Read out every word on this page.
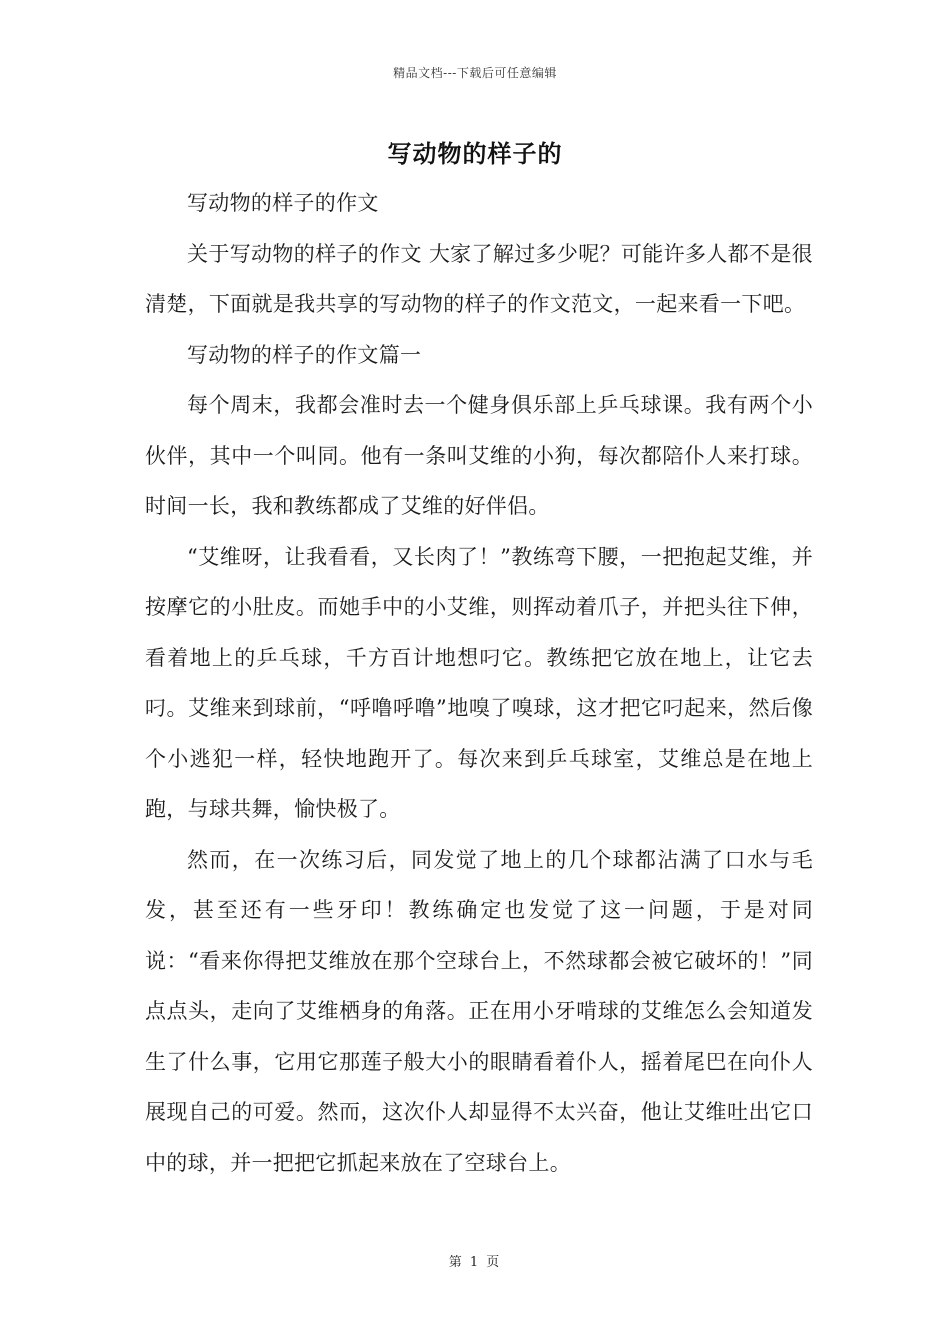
精品文档---下载后可任意编辑
写动物的样子的

写动物的样子的作文

关于写动物的样子的作文 大家了解过多少呢？可能许多人都不是很清楚，下面就是我共享的写动物的样子的作文范文，一起来看一下吧。

写动物的样子的作文篇一

每个周末，我都会准时去一个健身俱乐部上乒乓球课。我有两个小伙伴，其中一个叫同。他有一条叫艾维的小狗，每次都陪仆人来打球。时间一长，我和教练都成了艾维的好伴侣。

“艾维呀，让我看看，又长肉了！”教练弯下腰，一把抱起艾维，并按摩它的小肚皮。而她手中的小艾维，则挥动着爪子，并把头往下伸，看着地上的乒乓球，千方百计地想叼它。教练把它放在地上，让它去叼。艾维来到球前，“呼噜呼噜”地嗅了嗅球，这才把它叼起来，然后像个小逃犯一样，轻快地跑开了。每次来到乒乓球室，艾维总是在地上跑，与球共舞，愉快极了。

然而，在一次练习后，同发觉了地上的几个球都沾满了口水与毛发，甚至还有一些牙印！教练确定也发觉了这一问题，于是对同说：“看来你得把艾维放在那个空球台上，不然球都会被它破坏的！”同点点头，走向了艾维栖身的角落。正在用小牙啃球的艾维怎么会知道发生了什么事，它用它那莲子般大小的眼睛看着仆人，摇着尾巴在向仆人展现自己的可爱。然而，这次仆人却显得不太兴奋，他让艾维吐出它口中的球，并一把把它抓起来放在了空球台上。

第 1 页
